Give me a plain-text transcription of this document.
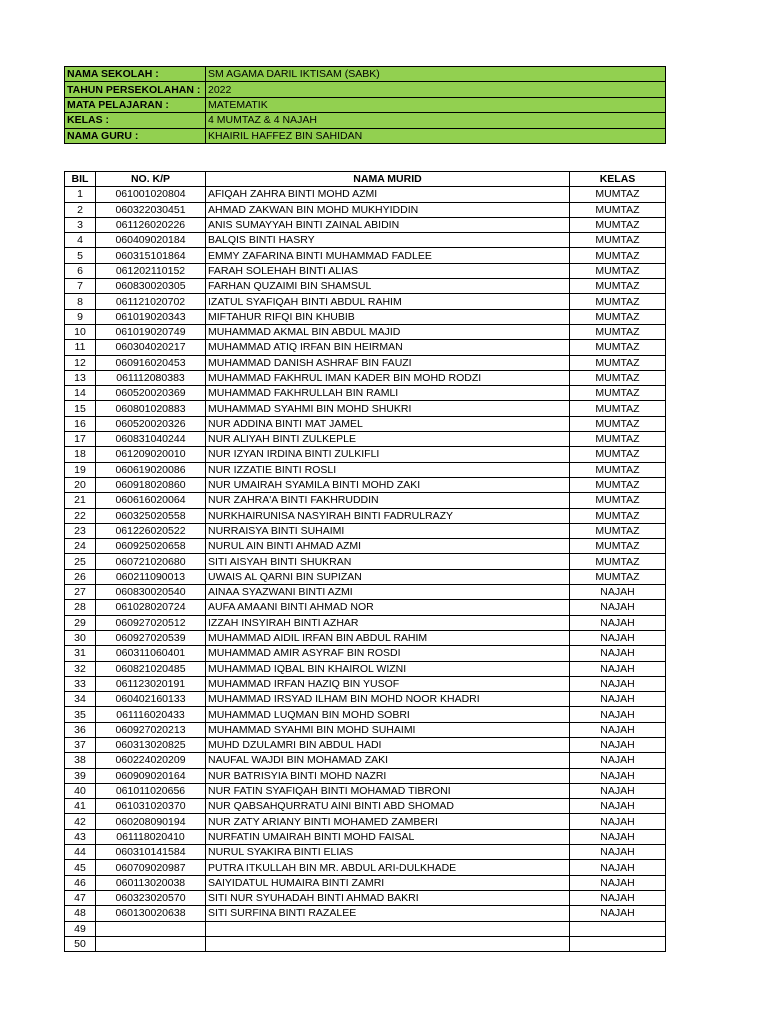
NAMA SEKOLAH :	SM AGAMA DARIL IKTISAM (SABK)
TAHUN PERSEKOLAHAN :	2022
MATA PELAJARAN :	MATEMATIK
KELAS :	4 MUMTAZ & 4 NAJAH
NAMA GURU :	KHAIRIL HAFFEZ BIN SAHIDAN
BIL	NO. K/P	NAMA MURID	KELAS
1	061001020804	AFIQAH ZAHRA BINTI MOHD AZMI	MUMTAZ
2	060322030451	AHMAD ZAKWAN BIN MOHD MUKHYIDDIN	MUMTAZ
3	061126020226	ANIS SUMAYYAH BINTI ZAINAL ABIDIN	MUMTAZ
4	060409020184	BALQIS BINTI HASRY	MUMTAZ
5	060315101864	EMMY ZAFARINA BINTI MUHAMMAD FADLEE	MUMTAZ
6	061202110152	FARAH SOLEHAH BINTI ALIAS	MUMTAZ
7	060830020305	FARHAN QUZAIMI BIN SHAMSUL	MUMTAZ
8	061121020702	IZATUL SYAFIQAH BINTI ABDUL RAHIM	MUMTAZ
9	061019020343	MIFTAHUR RIFQI BIN KHUBIB	MUMTAZ
10	061019020749	MUHAMMAD AKMAL BIN ABDUL MAJID	MUMTAZ
11	060304020217	MUHAMMAD ATIQ IRFAN BIN HEIRMAN	MUMTAZ
12	060916020453	MUHAMMAD DANISH ASHRAF BIN FAUZI	MUMTAZ
13	061112080383	MUHAMMAD FAKHRUL IMAN KADER BIN MOHD RODZI	MUMTAZ
14	060520020369	MUHAMMAD FAKHRULLAH BIN RAMLI	MUMTAZ
15	060801020883	MUHAMMAD SYAHMI BIN MOHD SHUKRI	MUMTAZ
16	060520020326	NUR ADDINA BINTI MAT JAMEL	MUMTAZ
17	060831040244	NUR ALIYAH BINTI ZULKEPLE	MUMTAZ
18	061209020010	NUR IZYAN IRDINA BINTI ZULKIFLI	MUMTAZ
19	060619020086	NUR IZZATIE BINTI ROSLI	MUMTAZ
20	060918020860	NUR UMAIRAH SYAMILA BINTI MOHD ZAKI	MUMTAZ
21	060616020064	NUR ZAHRA'A BINTI FAKHRUDDIN	MUMTAZ
22	060325020558	NURKHAIRUNISA NASYIRAH BINTI FADRULRAZY	MUMTAZ
23	061226020522	NURRAISYA BINTI SUHAIMI	MUMTAZ
24	060925020658	NURUL AIN BINTI AHMAD AZMI	MUMTAZ
25	060721020680	SITI AISYAH BINTI SHUKRAN	MUMTAZ
26	060211090013	UWAIS AL QARNI BIN SUPIZAN	MUMTAZ
27	060830020540	AINAA SYAZWANI BINTI AZMI	NAJAH
28	061028020724	AUFA AMAANI BINTI AHMAD NOR	NAJAH
29	060927020512	IZZAH INSYIRAH BINTI AZHAR	NAJAH
30	060927020539	MUHAMMAD AIDIL IRFAN BIN ABDUL RAHIM	NAJAH
31	060311060401	MUHAMMAD AMIR ASYRAF BIN ROSDI	NAJAH
32	060821020485	MUHAMMAD IQBAL BIN KHAIROL WIZNI	NAJAH
33	061123020191	MUHAMMAD IRFAN HAZIQ BIN YUSOF	NAJAH
34	060402160133	MUHAMMAD IRSYAD ILHAM BIN MOHD NOOR KHADRI	NAJAH
35	061116020433	MUHAMMAD LUQMAN BIN MOHD SOBRI	NAJAH
36	060927020213	MUHAMMAD SYAHMI BIN MOHD SUHAIMI	NAJAH
37	060313020825	MUHD DZULAMRI BIN ABDUL HADI	NAJAH
38	060224020209	NAUFAL WAJDI BIN MOHAMAD ZAKI	NAJAH
39	060909020164	NUR BATRISYIA BINTI MOHD NAZRI	NAJAH
40	061011020656	NUR FATIN SYAFIQAH BINTI MOHAMAD TIBRONI	NAJAH
41	061031020370	NUR QABSAHQURRATU AINI BINTI ABD SHOMAD	NAJAH
42	060208090194	NUR ZATY ARIANY BINTI MOHAMED ZAMBERI	NAJAH
43	061118020410	NURFATIN UMAIRAH BINTI MOHD FAISAL	NAJAH
44	060310141584	NURUL SYAKIRA BINTI ELIAS	NAJAH
45	060709020987	PUTRA ITKULLAH BIN MR. ABDUL ARI-DULKHADE	NAJAH
46	060113020038	SAIYIDATUL HUMAIRA BINTI ZAMRI	NAJAH
47	060323020570	SITI NUR SYUHADAH BINTI AHMAD BAKRI	NAJAH
48	060130020638	SITI SURFINA BINTI RAZALEE	NAJAH
49			
50			
